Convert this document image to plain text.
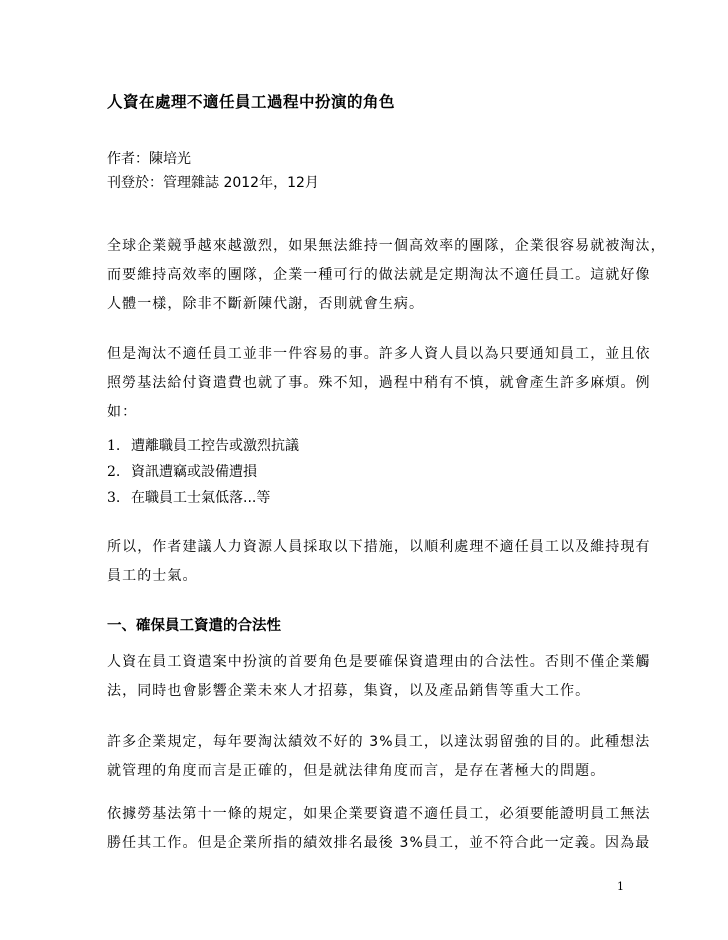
人資在處理不適任員工過程中扮演的角色
作者：陳培光
刊登於：管理雜誌 2012年，12月
全球企業競爭越來越激烈，如果無法維持一個高效率的團隊，企業很容易就被淘汰，
而要維持高效率的團隊，企業一種可行的做法就是定期淘汰不適任員工。這就好像
人體一樣，除非不斷新陳代謝，否則就會生病。
但是淘汰不適任員工並非一件容易的事。許多人資人員以為只要通知員工，並且依
照勞基法給付資遣費也就了事。殊不知，過程中稍有不慎，就會產生許多麻煩。例
如：
1. 遭離職員工控告或激烈抗議
2. 資訊遭竊或設備遭損
3. 在職員工士氣低落...等
所以，作者建議人力資源人員採取以下措施，以順利處理不適任員工以及維持現有
員工的士氣。
一、確保員工資遣的合法性
人資在員工資遣案中扮演的首要角色是要確保資遣理由的合法性。否則不僅企業觸
法，同時也會影響企業未來人才招募，集資，以及產品銷售等重大工作。
許多企業規定，每年要淘汰績效不好的 3%員工，以達汰弱留強的目的。此種想法
就管理的角度而言是正確的，但是就法律角度而言，是存在著極大的問題。
依據勞基法第十一條的規定，如果企業要資遣不適任員工，必須要能證明員工無法
勝任其工作。但是企業所指的績效排名最後 3%員工，並不符合此一定義。因為最
1
